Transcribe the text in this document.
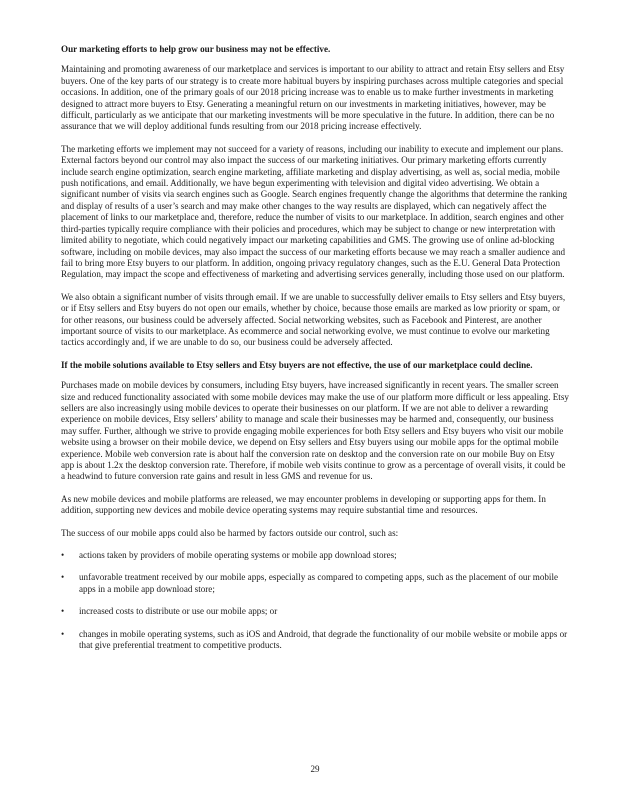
Our marketing efforts to help grow our business may not be effective.

Maintaining and promoting awareness of our marketplace and services is important to our ability to attract and retain Etsy sellers and Etsy buyers. One of the key parts of our strategy is to create more habitual buyers by inspiring purchases across multiple categories and special occasions. In addition, one of the primary goals of our 2018 pricing increase was to enable us to make further investments in marketing designed to attract more buyers to Etsy. Generating a meaningful return on our investments in marketing initiatives, however, may be difficult, particularly as we anticipate that our marketing investments will be more speculative in the future. In addition, there can be no assurance that we will deploy additional funds resulting from our 2018 pricing increase effectively.

The marketing efforts we implement may not succeed for a variety of reasons, including our inability to execute and implement our plans. External factors beyond our control may also impact the success of our marketing initiatives. Our primary marketing efforts currently include search engine optimization, search engine marketing, affiliate marketing and display advertising, as well as, social media, mobile push notifications, and email. Additionally, we have begun experimenting with television and digital video advertising. We obtain a significant number of visits via search engines such as Google. Search engines frequently change the algorithms that determine the ranking and display of results of a user’s search and may make other changes to the way results are displayed, which can negatively affect the placement of links to our marketplace and, therefore, reduce the number of visits to our marketplace. In addition, search engines and other third-parties typically require compliance with their policies and procedures, which may be subject to change or new interpretation with limited ability to negotiate, which could negatively impact our marketing capabilities and GMS. The growing use of online ad-blocking software, including on mobile devices, may also impact the success of our marketing efforts because we may reach a smaller audience and fail to bring more Etsy buyers to our platform. In addition, ongoing privacy regulatory changes, such as the E.U. General Data Protection Regulation, may impact the scope and effectiveness of marketing and advertising services generally, including those used on our platform.

We also obtain a significant number of visits through email. If we are unable to successfully deliver emails to Etsy sellers and Etsy buyers, or if Etsy sellers and Etsy buyers do not open our emails, whether by choice, because those emails are marked as low priority or spam, or for other reasons, our business could be adversely affected. Social networking websites, such as Facebook and Pinterest, are another important source of visits to our marketplace. As ecommerce and social networking evolve, we must continue to evolve our marketing tactics accordingly and, if we are unable to do so, our business could be adversely affected.

If the mobile solutions available to Etsy sellers and Etsy buyers are not effective, the use of our marketplace could decline.

Purchases made on mobile devices by consumers, including Etsy buyers, have increased significantly in recent years. The smaller screen size and reduced functionality associated with some mobile devices may make the use of our platform more difficult or less appealing. Etsy sellers are also increasingly using mobile devices to operate their businesses on our platform. If we are not able to deliver a rewarding experience on mobile devices, Etsy sellers’ ability to manage and scale their businesses may be harmed and, consequently, our business may suffer. Further, although we strive to provide engaging mobile experiences for both Etsy sellers and Etsy buyers who visit our mobile website using a browser on their mobile device, we depend on Etsy sellers and Etsy buyers using our mobile apps for the optimal mobile experience. Mobile web conversion rate is about half the conversion rate on desktop and the conversion rate on our mobile Buy on Etsy app is about 1.2x the desktop conversion rate. Therefore, if mobile web visits continue to grow as a percentage of overall visits, it could be a headwind to future conversion rate gains and result in less GMS and revenue for us.

As new mobile devices and mobile platforms are released, we may encounter problems in developing or supporting apps for them. In addition, supporting new devices and mobile device operating systems may require substantial time and resources.

The success of our mobile apps could also be harmed by factors outside our control, such as:

• actions taken by providers of mobile operating systems or mobile app download stores;
• unfavorable treatment received by our mobile apps, especially as compared to competing apps, such as the placement of our mobile apps in a mobile app download store;
• increased costs to distribute or use our mobile apps; or
• changes in mobile operating systems, such as iOS and Android, that degrade the functionality of our mobile website or mobile apps or that give preferential treatment to competitive products.
29
